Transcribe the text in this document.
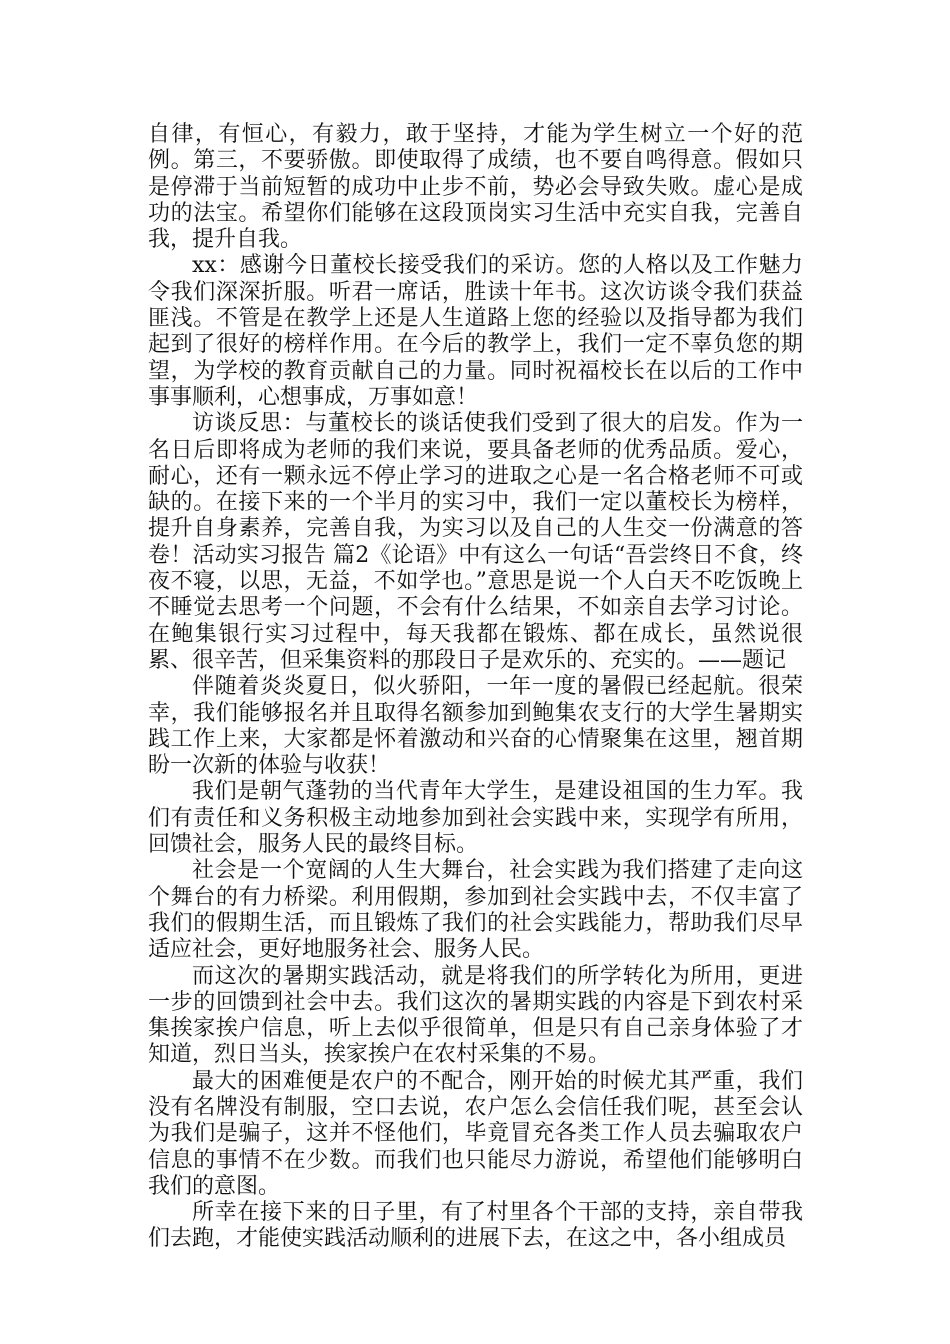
自律，有恒心，有毅力，敢于坚持，才能为学生树立一个好的范例。第三，不要骄傲。即使取得了成绩，也不要自鸣得意。假如只是停滞于当前短暂的成功中止步不前，势必会导致失败。虚心是成功的法宝。希望你们能够在这段顶岗实习生活中充实自我，完善自我，提升自我。

xx：感谢今日董校长接受我们的采访。您的人格以及工作魅力令我们深深折服。听君一席话，胜读十年书。这次访谈令我们获益匪浅。不管是在教学上还是人生道路上您的经验以及指导都为我们起到了很好的榜样作用。在今后的教学上，我们一定不辜负您的期望，为学校的教育贡献自己的力量。同时祝福校长在以后的工作中事事顺利，心想事成，万事如意！

访谈反思：与董校长的谈话使我们受到了很大的启发。作为一名日后即将成为老师的我们来说，要具备老师的优秀品质。爱心，耐心，还有一颗永远不停止学习的进取之心是一名合格老师不可或缺的。在接下来的一个半月的实习中，我们一定以董校长为榜样，提升自身素养，完善自我，为实习以及自己的人生交一份满意的答卷！活动实习报告 篇2《论语》中有这么一句话“吾尝终日不食，终夜不寝，以思，无益，不如学也。”意思是说一个人白天不吃饭晚上不睡觉去思考一个问题，不会有什么结果，不如亲自去学习讨论。在鲍集银行实习过程中，每天我都在锻炼、都在成长，虽然说很累、很辛苦，但采集资料的那段日子是欢乐的、充实的。——题记

伴随着炎炎夏日，似火骄阳，一年一度的暑假已经起航。很荣幸，我们能够报名并且取得名额参加到鲍集农支行的大学生暑期实践工作上来，大家都是怀着激动和兴奋的心情聚集在这里，翘首期盼一次新的体验与收获！

我们是朝气蓬勃的当代青年大学生，是建设祖国的生力军。我们有责任和义务积极主动地参加到社会实践中来，实现学有所用，回馈社会，服务人民的最终目标。

社会是一个宽阔的人生大舞台，社会实践为我们搭建了走向这个舞台的有力桥梁。利用假期，参加到社会实践中去，不仅丰富了我们的假期生活，而且锻炼了我们的社会实践能力，帮助我们尽早适应社会，更好地服务社会、服务人民。

而这次的暑期实践活动，就是将我们的所学转化为所用，更进一步的回馈到社会中去。我们这次的暑期实践的内容是下到农村采集挨家挨户信息，听上去似乎很简单，但是只有自己亲身体验了才知道，烈日当头，挨家挨户在农村采集的不易。

最大的困难便是农户的不配合，刚开始的时候尤其严重，我们没有名牌没有制服，空口去说，农户怎么会信任我们呢，甚至会认为我们是骗子，这并不怪他们，毕竟冒充各类工作人员去骗取农户信息的事情不在少数。而我们也只能尽力游说，希望他们能够明白我们的意图。

所幸在接下来的日子里，有了村里各个干部的支持，亲自带我们去跑，才能使实践活动顺利的进展下去，在这之中，各小组成员
